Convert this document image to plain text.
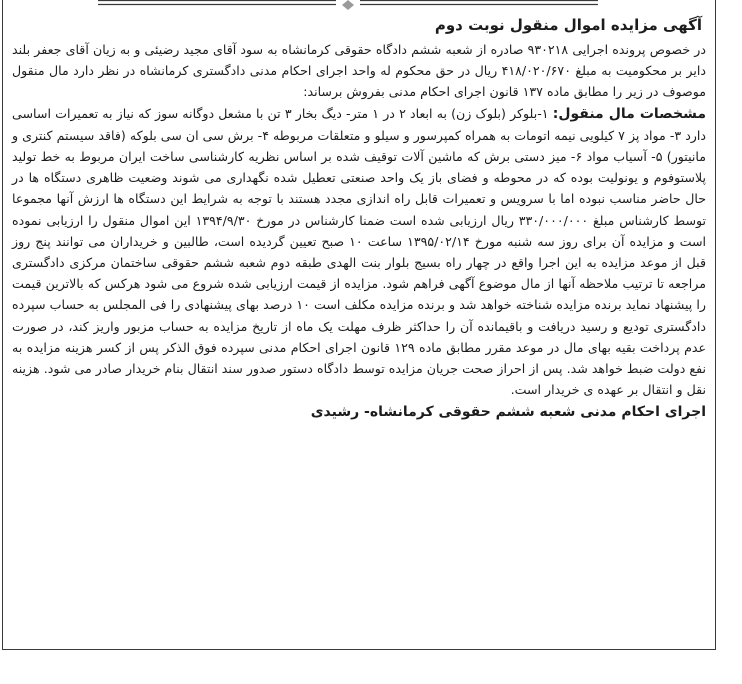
آگهی مزایده اموال منقول نوبت دوم

در خصوص پرونده اجرایی ۹۳۰۲۱۸ صادره از شعبه ششم دادگاه حقوقی کرمانشاه به سود آقای مجید رضیئی و به زیان آقای جعفر بلند دایر بر محکومیت به مبلغ ۴۱۸/۰۲۰/۶۷۰ ریال در حق محکوم له واحد اجرای احکام مدنی دادگستری کرمانشاه در نظر دارد مال منقول موصوف در زیر را مطابق ماده ۱۳۷ قانون اجرای احکام مدنی بفروش برساند:

مشخصات مال منقول: ۱-بلوکر (بلوک زن) به ابعاد ۲ در ۱ متر- دیگ بخار ۳ تن با مشعل دوگانه سوز که نیاز به تعمیرات اساسی دارد ۳- مواد پز ۷ کیلویی نیمه اتومات به همراه کمپرسور و سیلو و متعلقات مربوطه ۴- برش سی ان سی بلوکه (فاقد سیستم کنتری و مانیتور) ۵- آسیاب مواد ۶- میز دستی برش که ماشین آلات توقیف شده بر اساس نظریه کارشناسی ساخت ایران مربوط به خط تولید پلاستوفوم و یونولیت بوده که در محوطه و فضای باز یک واحد صنعتی تعطیل شده نگهداری می شوند وضعیت ظاهری دستگاه ها در حال حاضر مناسب نبوده اما با سرویس و تعمیرات قابل راه اندازی مجدد هستند با توجه به شرایط این دستگاه ها ارزش آنها مجموعا توسط کارشناس مبلغ ۳۳۰/۰۰۰/۰۰۰ ریال ارزیابی شده است ضمنا کارشناس در مورخ ۱۳۹۴/۹/۳۰ این اموال منقول را ارزیابی نموده است و مزایده آن برای روز سه شنبه مورخ ۱۳۹۵/۰۲/۱۴ ساعت ۱۰ صبح تعیین گردیده است، طالبین و خریداران می توانند پنج روز قبل از موعد مزایده به این اجرا واقع در چهار راه بسیج بلوار بنت الهدی طبقه دوم شعبه ششم حقوقی ساختمان مرکزی دادگستری مراجعه تا ترتیب ملاحظه آنها از مال موضوع آگهی فراهم شود. مزایده از قیمت ارزیابی شده شروع می شود هرکس که بالاترین قیمت را پیشنهاد نماید برنده مزایده شناخته خواهد شد و برنده مزایده مکلف است ۱۰ درصد بهای پیشنهادی را فی المجلس به حساب سپرده دادگستری تودیع و رسید دریافت و باقیمانده آن را حداکثر ظرف مهلت یک ماه از تاریخ مزایده به حساب مزبور واریز کند، در صورت عدم پرداخت بقیه بهای مال در موعد مقرر مطابق ماده ۱۲۹ قانون اجرای احکام مدنی سپرده فوق الذکر پس از کسر هزینه مزایده به نفع دولت ضبط خواهد شد. پس از احراز صحت جریان مزایده توسط دادگاه دستور صدور سند انتقال بنام خریدار صادر می شود. هزینه نقل و انتقال بر عهده ی خریدار است.

اجرای احکام مدنی شعبه ششم حقوقی کرمانشاه- رشیدی
